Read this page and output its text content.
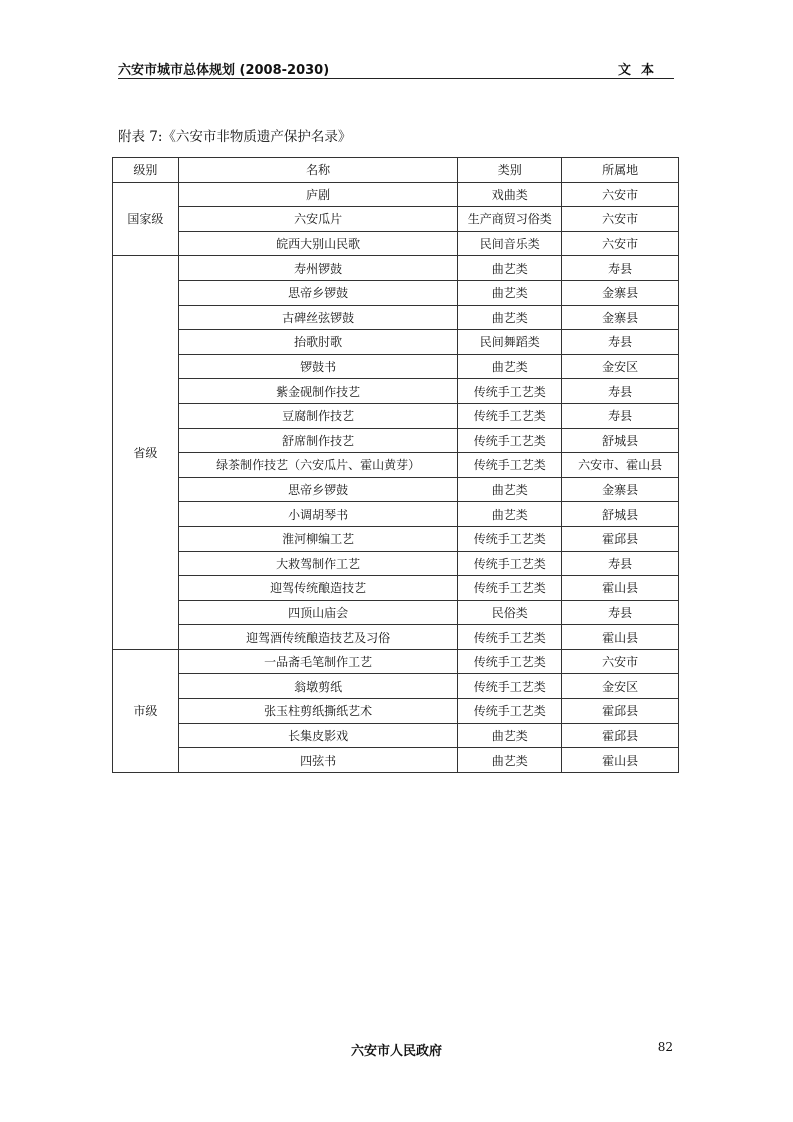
六安市城市总体规划 (2008-2030)	文本
附表 7:《六安市非物质遗产保护名录》
级别	名称	类别	所属地
国家级	庐剧	戏曲类	六安市
	六安瓜片	生产商贸习俗类	六安市
	皖西大别山民歌	民间音乐类	六安市
省级	寿州锣鼓	曲艺类	寿县
	思帝乡锣鼓	曲艺类	金寨县
	古碑丝弦锣鼓	曲艺类	金寨县
	抬歌肘歌	民间舞蹈类	寿县
	锣鼓书	曲艺类	金安区
	紫金砚制作技艺	传统手工艺类	寿县
	豆腐制作技艺	传统手工艺类	寿县
	舒席制作技艺	传统手工艺类	舒城县
	绿茶制作技艺（六安瓜片、霍山黄芽）	传统手工艺类	六安市、霍山县
	思帝乡锣鼓	曲艺类	金寨县
	小调胡琴书	曲艺类	舒城县
	淮河柳编工艺	传统手工艺类	霍邱县
	大救驾制作工艺	传统手工艺类	寿县
	迎驾传统酿造技艺	传统手工艺类	霍山县
	四顶山庙会	民俗类	寿县
	迎驾酒传统酿造技艺及习俗	传统手工艺类	霍山县
市级	一品斋毛笔制作工艺	传统手工艺类	六安市
	翁墩剪纸	传统手工艺类	金安区
	张玉柱剪纸撕纸艺术	传统手工艺类	霍邱县
	长集皮影戏	曲艺类	霍邱县
	四弦书	曲艺类	霍山县
六安市人民政府	82
